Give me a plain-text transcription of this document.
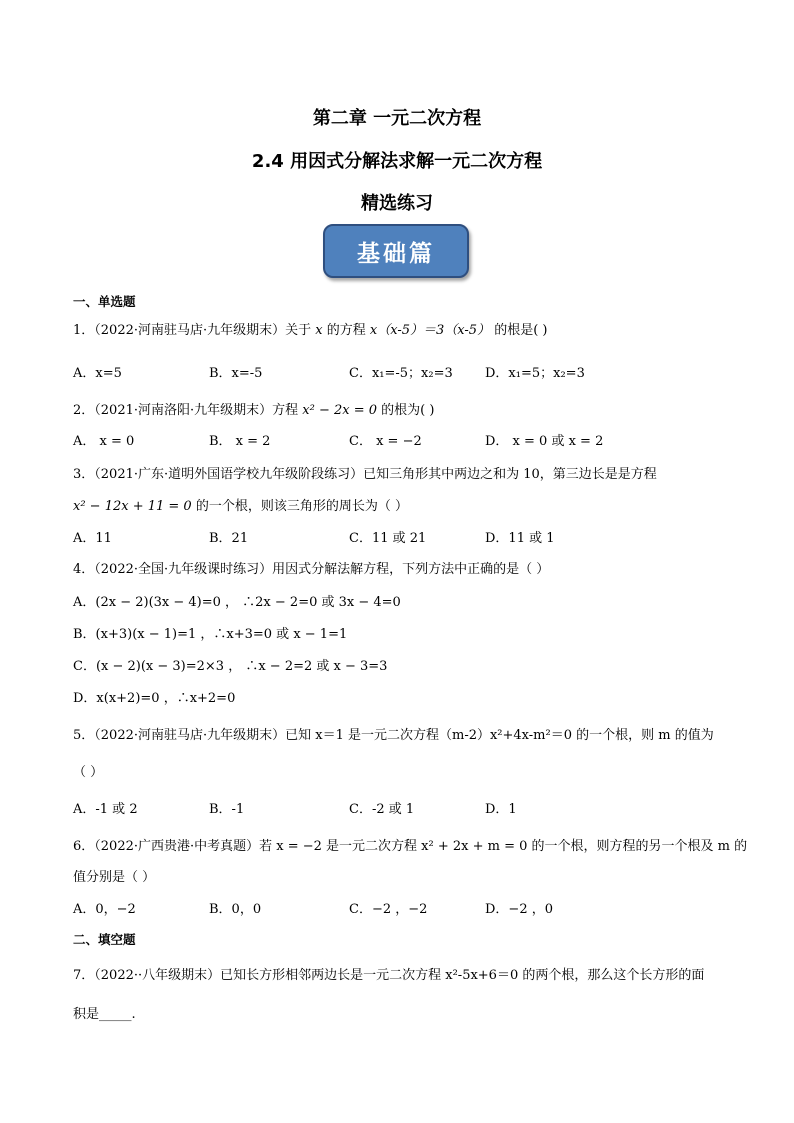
第二章 一元二次方程
2.4 用因式分解法求解一元二次方程
精选练习
基础篇
一、单选题
1．（2022·河南驻马店·九年级期末）关于 x 的方程 x（x-5）＝3（x-5） 的根是( )
A．x=5	B．x=-5	C．x₁=-5；x₂=3 D．x₁=5；x₂=3
2．（2021·河南洛阳·九年级期末）方程 x² − 2x = 0 的根为( )
A． x = 0	B． x = 2	C． x = −2	D． x = 0 或 x = 2
3．（2021·广东·道明外国语学校九年级阶段练习）已知三角形其中两边之和为 10，第三边长是是方程
x² − 12x + 11 = 0 的一个根，则该三角形的周长为（ ）
A．11	B．21	C．11 或 21	D．11 或 1
4．（2022·全国·九年级课时练习）用因式分解法解方程，下列方法中正确的是（ ）
A．(2x − 2)(3x − 4)=0 ， ∴2x − 2=0 或 3x − 4=0
B．(x+3)(x − 1)=1 ，∴x+3=0 或 x − 1=1
C．(x − 2)(x − 3)=2×3 ， ∴x − 2=2 或 x − 3=3
D．x(x+2)=0 ，∴x+2=0
5．（2022·河南驻马店·九年级期末）已知 x＝1 是一元二次方程（m-2）x²+4x-m²＝0 的一个根，则 m 的值为
（ ）
A．-1 或 2	B．-1	C．-2 或 1	D．1
6．（2022·广西贵港·中考真题）若 x = −2 是一元二次方程 x² + 2x + m = 0 的一个根，则方程的另一个根及 m 的
值分别是（ ）
A．0，−2	B．0，0	C．−2 ，−2	D．−2 ，0
二、填空题
7．（2022··八年级期末）已知长方形相邻两边长是一元二次方程 x²-5x+6＝0 的两个根，那么这个长方形的面
积是_____.
